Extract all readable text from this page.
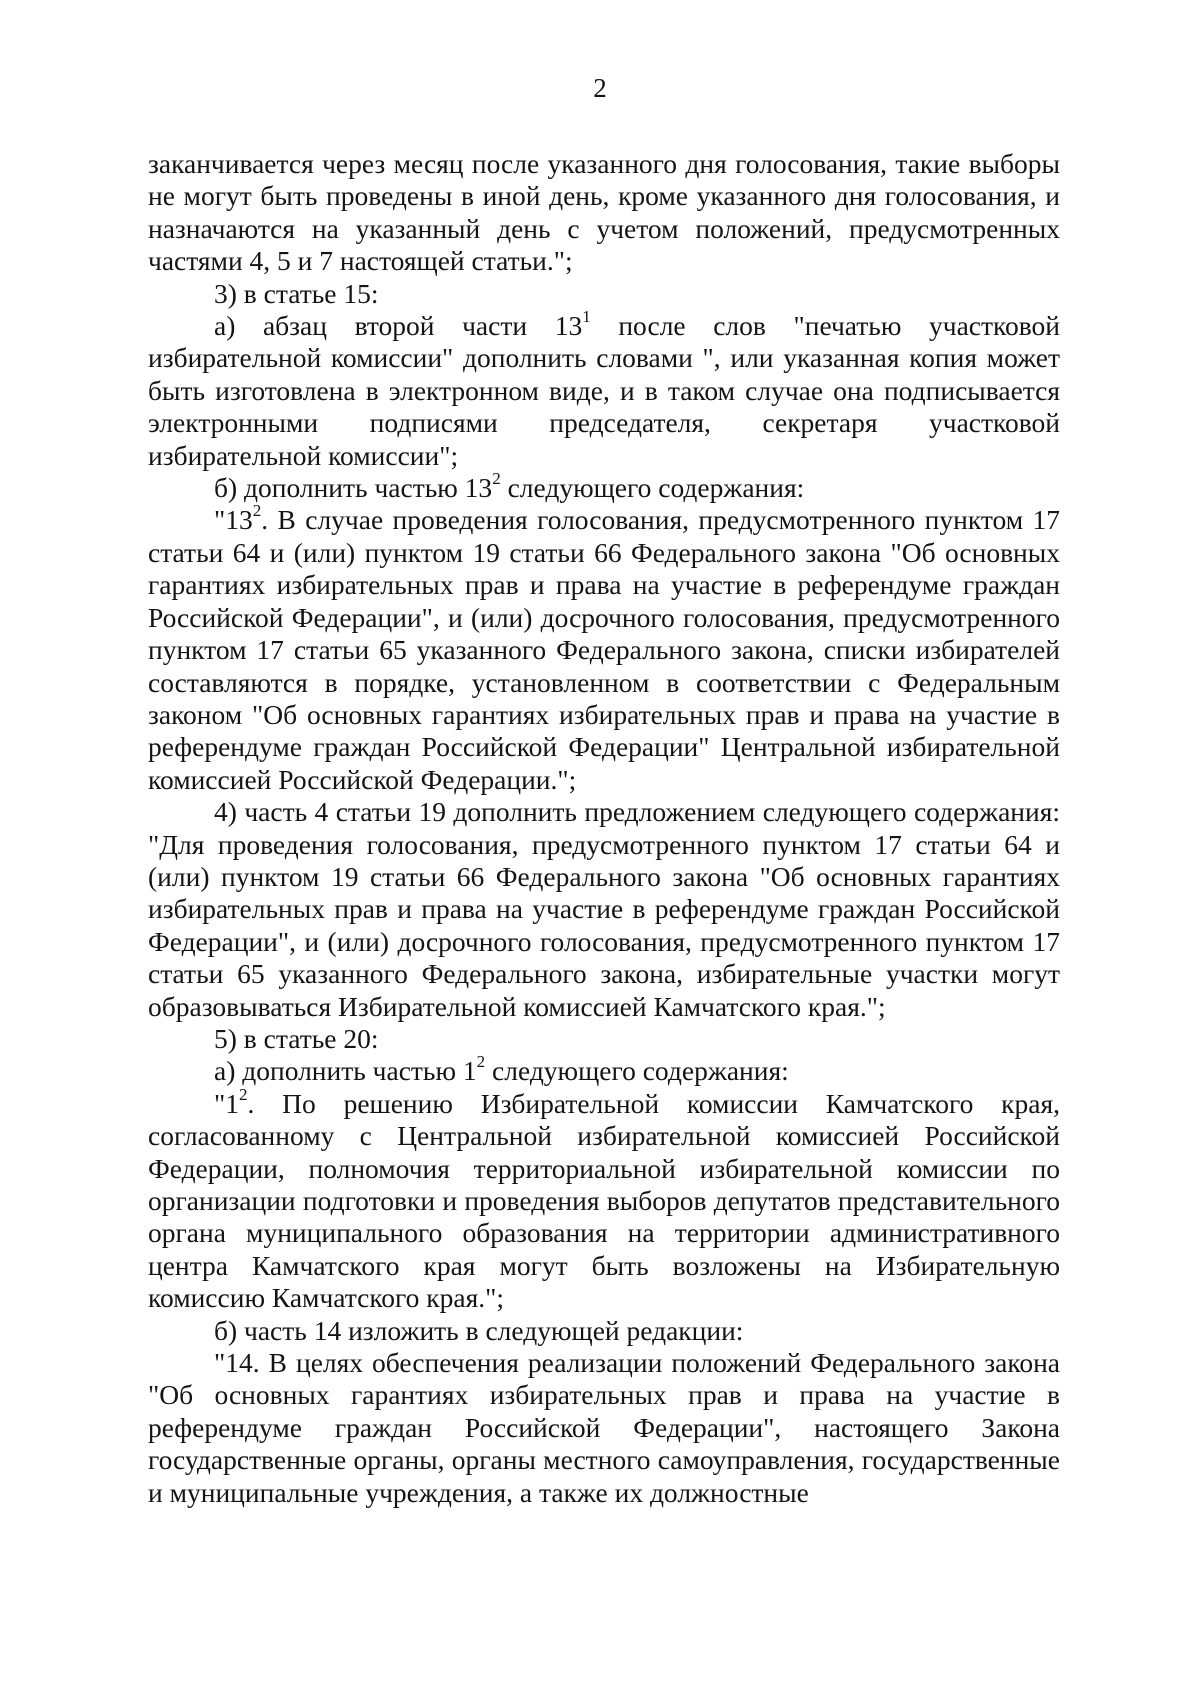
2

заканчивается через месяц после указанного дня голосования, такие выборы не могут быть проведены в иной день, кроме указанного дня голосования, и назначаются на указанный день с учетом положений, предусмотренных частями 4, 5 и 7 настоящей статьи.";

3) в статье 15:

а) абзац второй части $13^1$ после слов "печатью участковой избирательной комиссии" дополнить словами ", или указанная копия может быть изготовлена в электронном виде, и в таком случае она подписывается электронными подписями председателя, секретаря участковой избирательной комиссии";

б) дополнить частью $13^2$ следующего содержания:

"$13^2$. В случае проведения голосования, предусмотренного пунктом 17 статьи 64 и (или) пунктом 19 статьи 66 Федерального закона "Об основных гарантиях избирательных прав и права на участие в референдуме граждан Российской Федерации", и (или) досрочного голосования, предусмотренного пунктом 17 статьи 65 указанного Федерального закона, списки избирателей составляются в порядке, установленном в соответствии с Федеральным законом "Об основных гарантиях избирательных прав и права на участие в референдуме граждан Российской Федерации" Центральной избирательной комиссией Российской Федерации.";

4) часть 4 статьи 19 дополнить предложением следующего содержания: "Для проведения голосования, предусмотренного пунктом 17 статьи 64 и (или) пунктом 19 статьи 66 Федерального закона "Об основных гарантиях избирательных прав и права на участие в референдуме граждан Российской Федерации", и (или) досрочного голосования, предусмотренного пунктом 17 статьи 65 указанного Федерального закона, избирательные участки могут образовываться Избирательной комиссией Камчатского края.";

5) в статье 20:

а) дополнить частью $1^2$ следующего содержания:

"$1^2$. По решению Избирательной комиссии Камчатского края, согласованному с Центральной избирательной комиссией Российской Федерации, полномочия территориальной избирательной комиссии по организации подготовки и проведения выборов депутатов представительного органа муниципального образования на территории административного центра Камчатского края могут быть возложены на Избирательную комиссию Камчатского края.";

б) часть 14 изложить в следующей редакции:

"14. В целях обеспечения реализации положений Федерального закона "Об основных гарантиях избирательных прав и права на участие в референдуме граждан Российской Федерации", настоящего Закона государственные органы, органы местного самоуправления, государственные и муниципальные учреждения, а также их должностные
